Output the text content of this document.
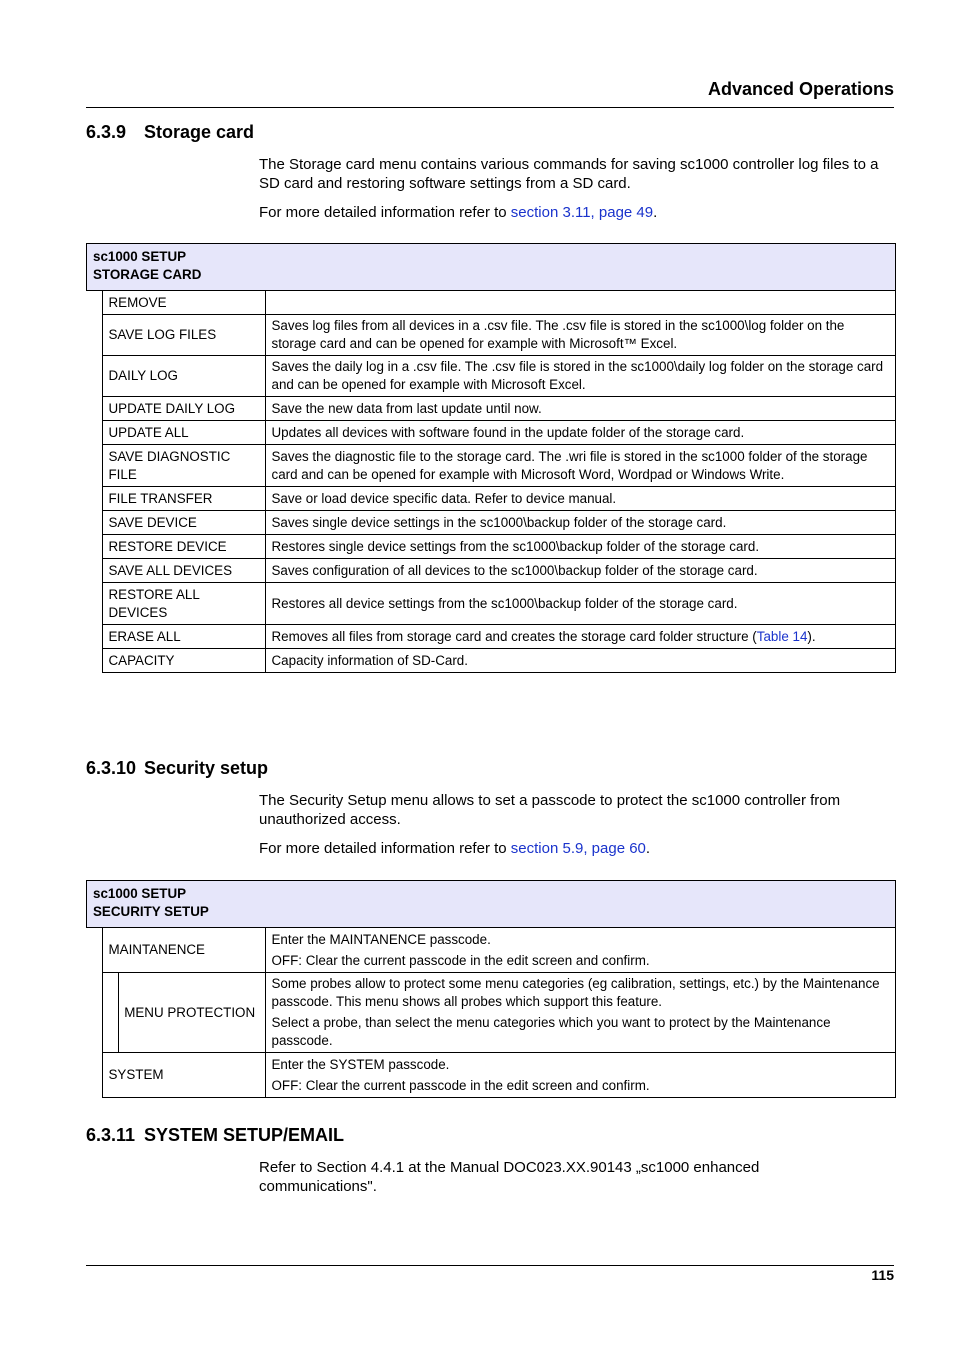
Advanced Operations
6.3.9 Storage card
The Storage card menu contains various commands for saving sc1000 controller log files to a SD card and restoring software settings from a SD card.
For more detailed information refer to section 3.11, page 49.
sc1000 SETUP
STORAGE CARD		

	REMOVE	
	SAVE LOG FILES	Saves log files from all devices in a .csv file. The .csv file is stored in the sc1000\log folder on the storage card and can be opened for example with Microsoft™ Excel.
	DAILY LOG	Saves the daily log in a .csv file. The .csv file is stored in the sc1000\daily log folder on the storage card and can be opened for example with Microsoft Excel.
	UPDATE DAILY LOG	Save the new data from last update until now.
	UPDATE ALL	Updates all devices with software found in the update folder of the storage card.
	SAVE DIAGNOSTIC FILE	Saves the diagnostic file to the storage card. The .wri file is stored in the sc1000 folder of the storage card and can be opened for example with Microsoft Word, Wordpad or Windows Write.
	FILE TRANSFER	Save or load device specific data. Refer to device manual.
	SAVE DEVICE	Saves single device settings in the sc1000\backup folder of the storage card.
	RESTORE DEVICE	Restores single device settings from the sc1000\backup folder of the storage card.
	SAVE ALL DEVICES	Saves configuration of all devices to the sc1000\backup folder of the storage card.
	RESTORE ALL DEVICES	Restores all device settings from the sc1000\backup folder of the storage card.
	ERASE ALL	Removes all files from storage card and creates the storage card folder structure (Table 14).
	CAPACITY	Capacity information of SD-Card.
6.3.10 Security setup
The Security Setup menu allows to set a passcode to protect the sc1000 controller from unauthorized access.
For more detailed information refer to section 5.9, page 60.
sc1000 SETUP
SECURITY SETUP			

	MAINTANENCE		Enter the MAINTANENCE passcode.

OFF: Clear the current passcode in the edit screen and confirm.

		MENU PROTECTION	Some probes allow to protect some menu categories (eg calibration, settings, etc.) by the Maintenance passcode. This menu shows all probes which support this feature.

Select a probe, than select the menu categories which you want to protect by the Maintenance passcode.

	SYSTEM		Enter the SYSTEM passcode.

OFF: Clear the current passcode in the edit screen and confirm.

6.3.11 SYSTEM SETUP/EMAIL
Refer to Section 4.4.1 at the Manual DOC023.XX.90143 „sc1000 enhanced communications".
115
